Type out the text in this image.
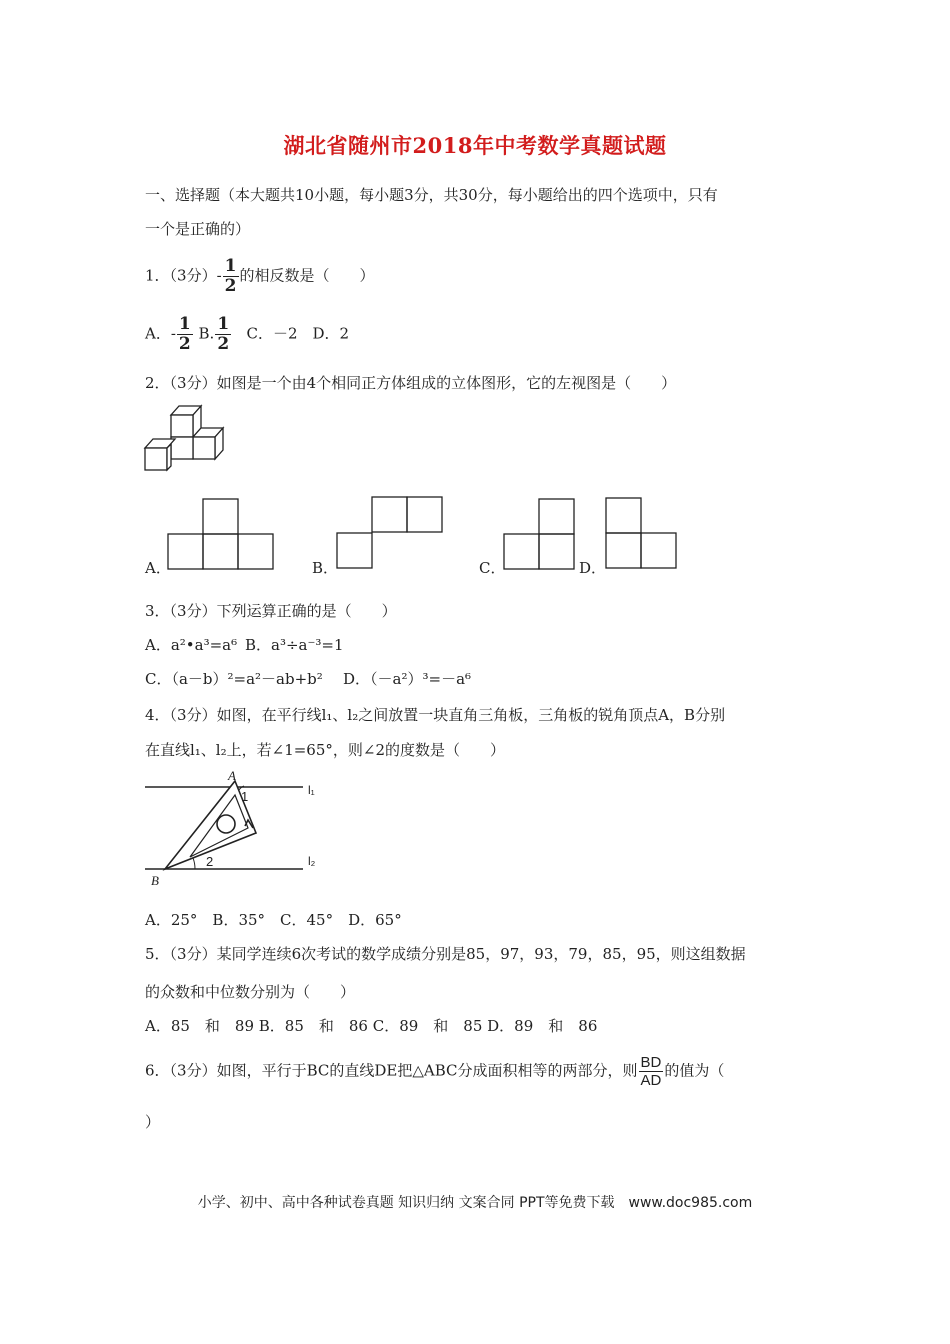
湖北省随州市2018年中考数学真题试题
一、选择题（本大题共10小题，每小题3分，共30分，每小题给出的四个选项中，只有
一个是正确的）
1．（3分）- $\frac{1}{2}$ 的相反数是（　　）
A．- $\frac{1}{2} B$. $\frac{1}{2}$ C．－2　D．2
2．（3分）如图是一个由4个相同正方体组成的立体图形，它的左视图是（　　）
A．	B．	C．	D．
3．（3分）下列运算正确的是（　　）
A．a²•a³=a⁶ B．a³÷a⁻³=1
C．（a－b）²=a²－ab+b² D．（－a²）³=－a⁶
4．（3分）如图，在平行线l₁、l₂之间放置一块直角三角板，三角板的锐角顶点A，B分别
在直线l₁、l₂上，若∠1=65°，则∠2的度数是（　　）
A
B
1
2
l₁
l₂
A．25°　B．35°　C．45°　D．65°
5．（3分）某同学连续6次考试的数学成绩分别是85，97，93，79，85，95，则这组数据
的众数和中位数分别为（　　）
A．85　和　89 B．85　和　86 C．89　和　85 D．89　和　86
6．（3分）如图，平行于BC的直线DE把△ABC分成面积相等的两部分，则 $\frac{BD}{AD}$ 的值为（
）
小学、初中、高中各种试卷真题 知识归纳 文案合同 PPT等免费下载　www.doc985.com
